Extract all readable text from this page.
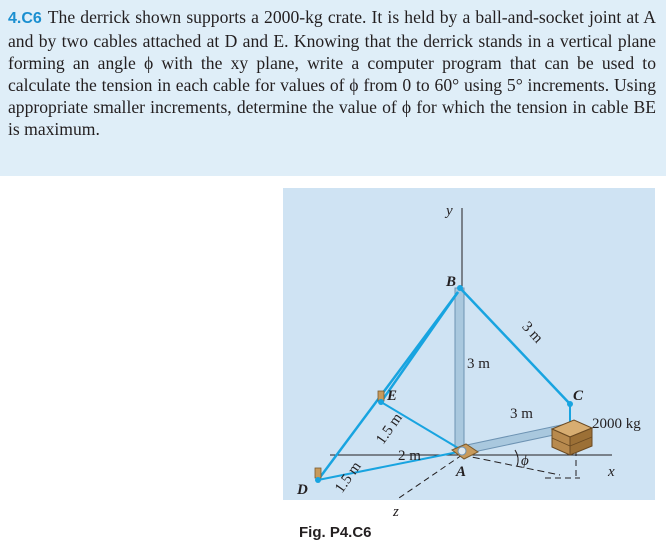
4.C6 The derrick shown supports a 2000-kg crate. It is held by a ball-and-socket joint at A and by two cables attached at D and E. Knowing that the derrick stands in a vertical plane forming an angle ϕ with the xy plane, write a computer program that can be used to calculate the tension in each cable for values of ϕ from 0 to 60° using 5° increments. Using appropriate smaller increments, determine the value of ϕ for which the tension in cable BE is maximum.

y
B
C
E
D
A	x
z
3 m
3 m
3 m
2 m
1.5 m
1.5 m
ϕ
2000 kg
Fig. P4.C6
